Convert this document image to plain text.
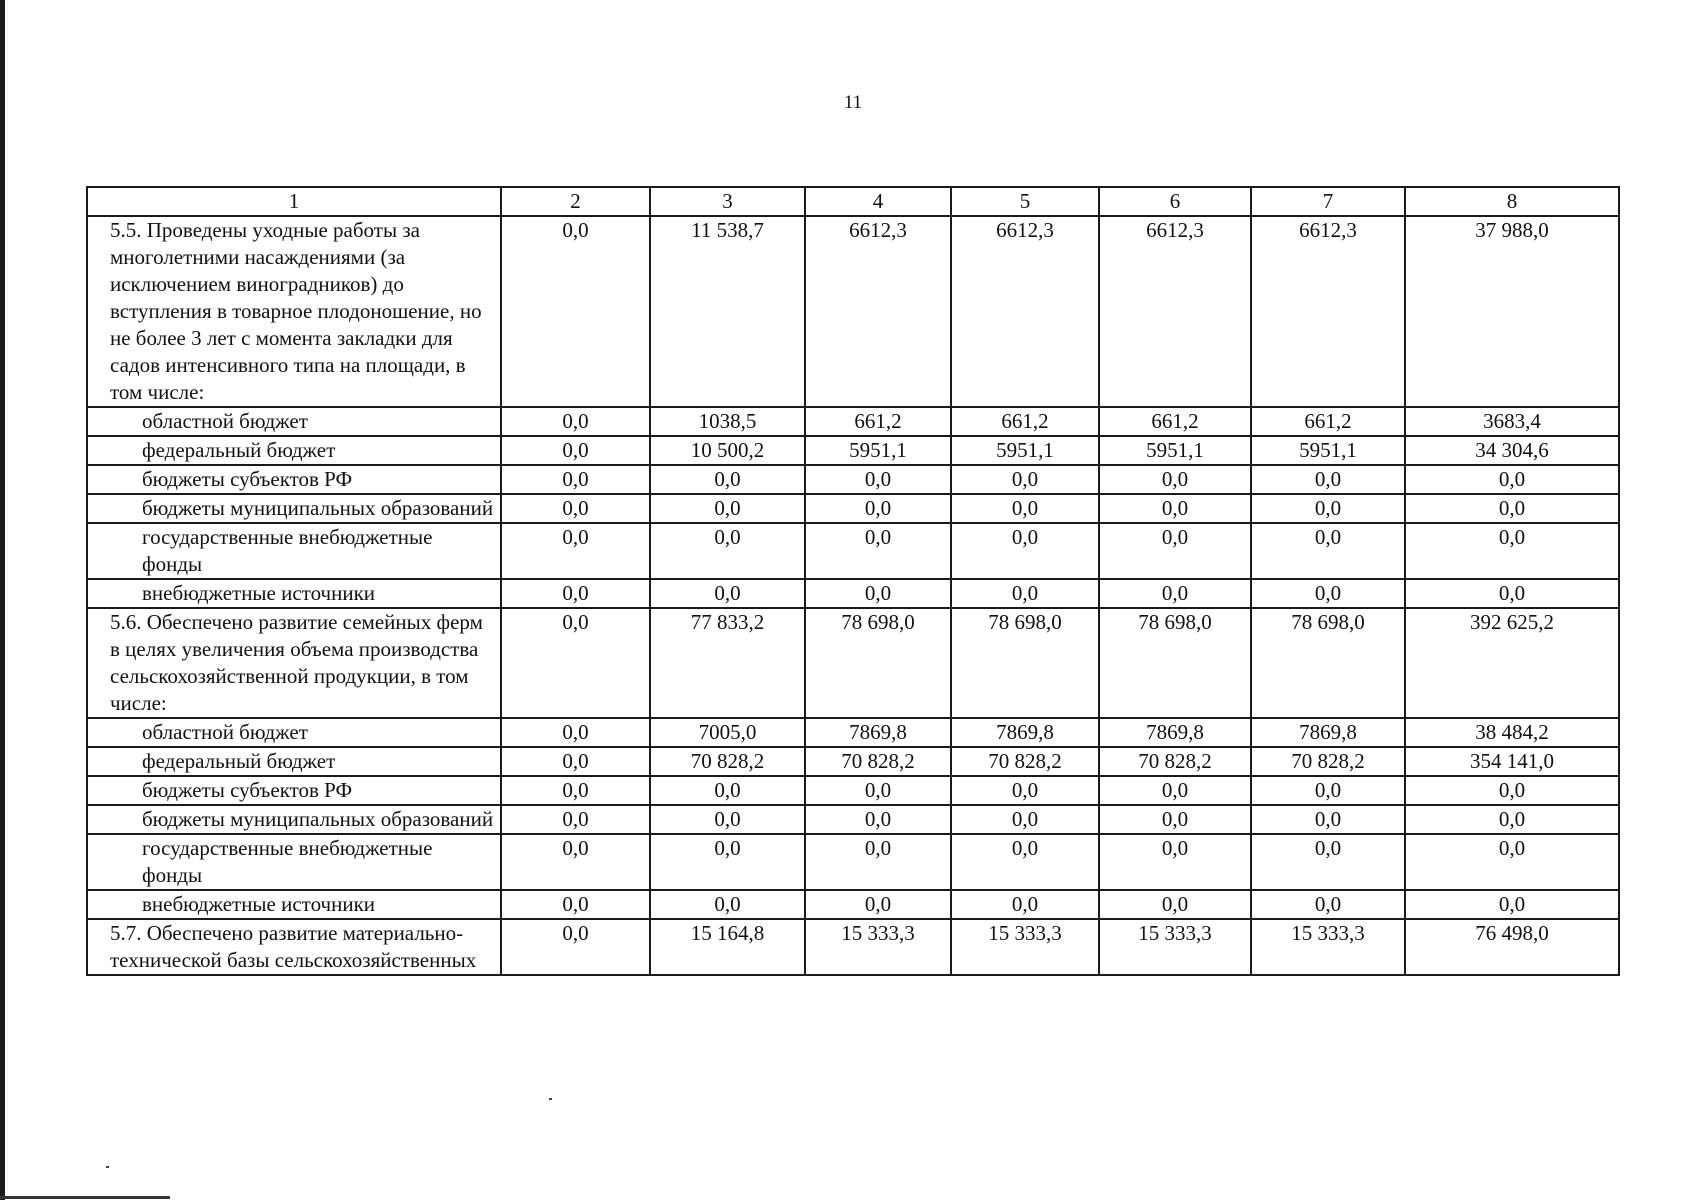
11
1	2	3	4	5	6	7	8
5.5. Проведены уходные работы за многолетними насаждениями (за исключением виноградников) до вступления в товарное плодоношение, но не более 3 лет с момента закладки для садов интенсивного типа на площади, в том числе:	0,0	11 538,7	6612,3	6612,3	6612,3	6612,3	37 988,0
областной бюджет	0,0	1038,5	661,2	661,2	661,2	661,2	3683,4
федеральный бюджет	0,0	10 500,2	5951,1	5951,1	5951,1	5951,1	34 304,6
бюджеты субъектов РФ	0,0	0,0	0,0	0,0	0,0	0,0	0,0
бюджеты муниципальных образований	0,0	0,0	0,0	0,0	0,0	0,0	0,0
государственные внебюджетные фонды	0,0	0,0	0,0	0,0	0,0	0,0	0,0
внебюджетные источники	0,0	0,0	0,0	0,0	0,0	0,0	0,0
5.6. Обеспечено развитие семейных ферм в целях увеличения объема производства сельскохозяйственной продукции, в том числе:	0,0	77 833,2	78 698,0	78 698,0	78 698,0	78 698,0	392 625,2
областной бюджет	0,0	7005,0	7869,8	7869,8	7869,8	7869,8	38 484,2
федеральный бюджет	0,0	70 828,2	70 828,2	70 828,2	70 828,2	70 828,2	354 141,0
бюджеты субъектов РФ	0,0	0,0	0,0	0,0	0,0	0,0	0,0
бюджеты муниципальных образований	0,0	0,0	0,0	0,0	0,0	0,0	0,0
государственные внебюджетные фонды	0,0	0,0	0,0	0,0	0,0	0,0	0,0
внебюджетные источники	0,0	0,0	0,0	0,0	0,0	0,0	0,0
5.7. Обеспечено развитие материально-технической базы сельскохозяйственных	0,0	15 164,8	15 333,3	15 333,3	15 333,3	15 333,3	76 498,0
